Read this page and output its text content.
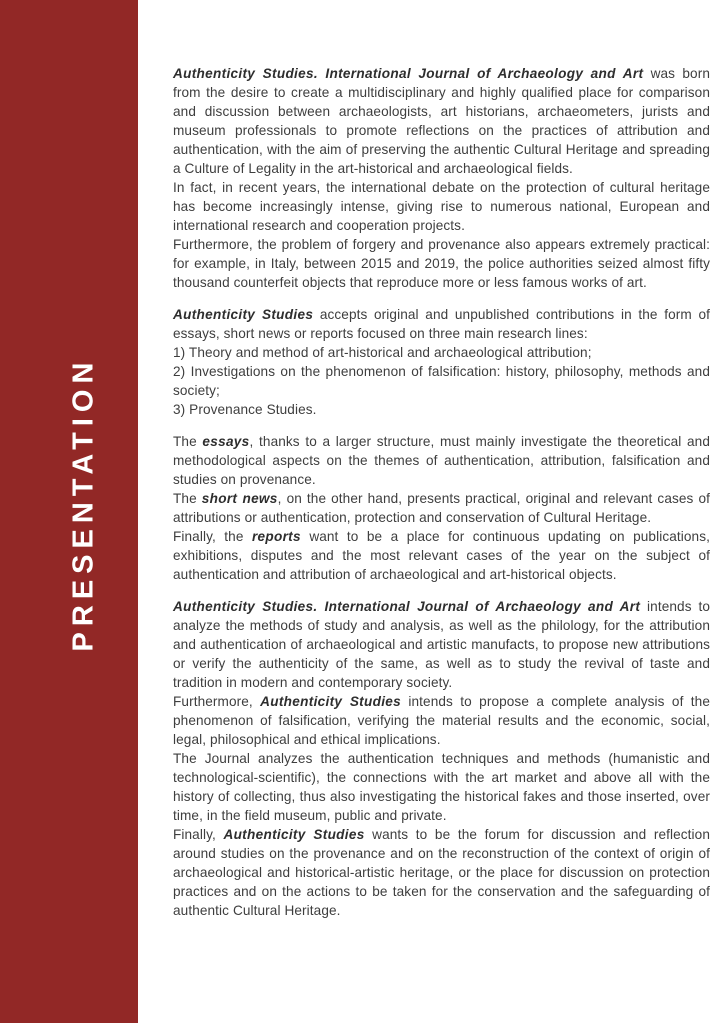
PRESENTATION

Authenticity Studies. International Journal of Archaeology and Art was born from the desire to create a multidisciplinary and highly qualified place for comparison and discussion between archaeologists, art historians, archaeometers, jurists and museum professionals to promote reflections on the practices of attribution and authentication, with the aim of preserving the authentic Cultural Heritage and spreading a Culture of Legality in the art-historical and archaeological fields.

In fact, in recent years, the international debate on the protection of cultural heritage has become increasingly intense, giving rise to numerous national, European and international research and cooperation projects.

Furthermore, the problem of forgery and provenance also appears extremely practical: for example, in Italy, between 2015 and 2019, the police authorities seized almost fifty thousand counterfeit objects that reproduce more or less famous works of art.

Authenticity Studies accepts original and unpublished contributions in the form of essays, short news or reports focused on three main research lines:

1) Theory and method of art-historical and archaeological attribution;

2) Investigations on the phenomenon of falsification: history, philosophy, methods and society;

3) Provenance Studies.

The essays, thanks to a larger structure, must mainly investigate the theoretical and methodological aspects on the themes of authentication, attribution, falsification and studies on provenance.

The short news, on the other hand, presents practical, original and relevant cases of attributions or authentication, protection and conservation of Cultural Heritage.

Finally, the reports want to be a place for continuous updating on publications, exhibitions, disputes and the most relevant cases of the year on the subject of authentication and attribution of archaeological and art-historical objects.

Authenticity Studies. International Journal of Archaeology and Art intends to analyze the methods of study and analysis, as well as the philology, for the attribution and authentication of archaeological and artistic manufacts, to propose new attributions or verify the authenticity of the same, as well as to study the revival of taste and tradition in modern and contemporary society.

Furthermore, Authenticity Studies intends to propose a complete analysis of the phenomenon of falsification, verifying the material results and the economic, social, legal, philosophical and ethical implications.

The Journal analyzes the authentication techniques and methods (humanistic and technological-scientific), the connections with the art market and above all with the history of collecting, thus also investigating the historical fakes and those inserted, over time, in the field museum, public and private.

Finally, Authenticity Studies wants to be the forum for discussion and reflection around studies on the provenance and on the reconstruction of the context of origin of archaeological and historical-artistic heritage, or the place for discussion on protection practices and on the actions to be taken for the conservation and the safeguarding of authentic Cultural Heritage.
